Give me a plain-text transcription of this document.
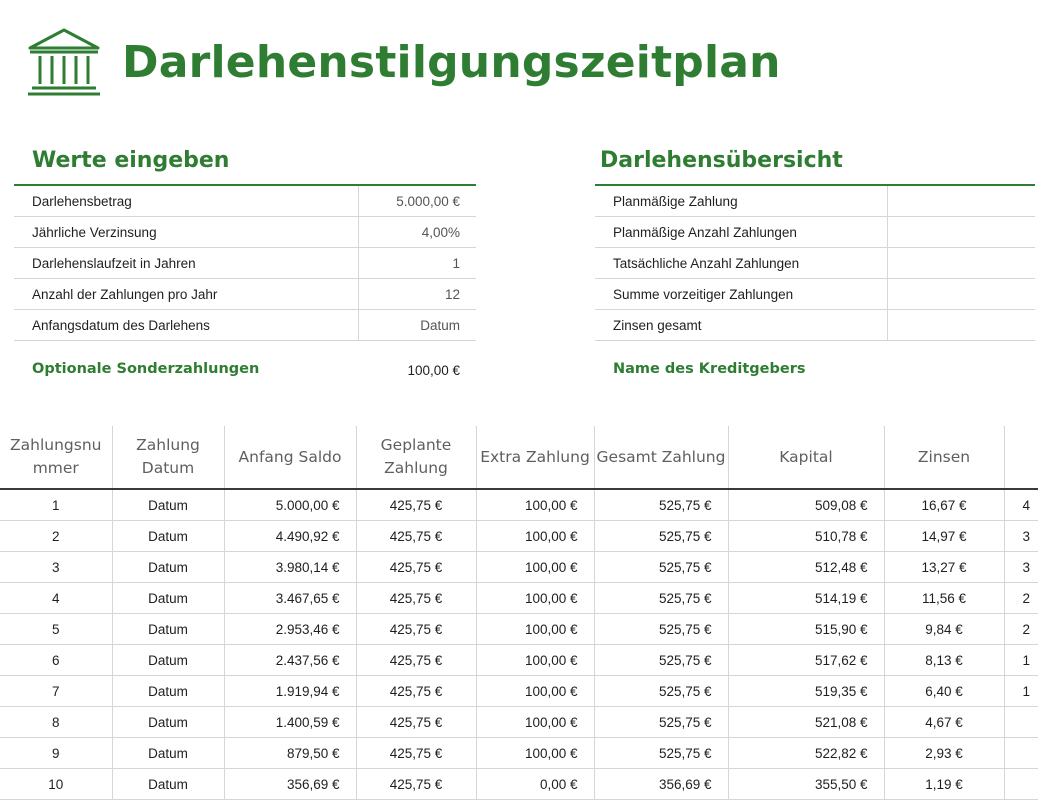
Darlehenstilgungszeitplan
Werte eingeben
Darlehensbetrag	5.000,00 €
Jährliche Verzinsung	4,00%
Darlehenslaufzeit in Jahren	1
Anzahl der Zahlungen pro Jahr	12
Anfangsdatum des Darlehens	Datum
Optionale Sonderzahlungen	100,00 €
Darlehensübersicht
Planmäßige Zahlung	
Planmäßige Anzahl Zahlungen	
Tatsächliche Anzahl Zahlungen	
Summe vorzeitiger Zahlungen	
Zinsen gesamt	
Name des Kreditgebers
Zahlungsnu mmer	Zahlung Datum	Anfang Saldo	Geplante Zahlung	Extra Zahlung	Gesamt Zahlung	Kapital	Zinsen	
1	Datum	5.000,00 €	425,75 €	100,00 €	525,75 €	509,08 €	16,67 €	4
2	Datum	4.490,92 €	425,75 €	100,00 €	525,75 €	510,78 €	14,97 €	3
3	Datum	3.980,14 €	425,75 €	100,00 €	525,75 €	512,48 €	13,27 €	3
4	Datum	3.467,65 €	425,75 €	100,00 €	525,75 €	514,19 €	11,56 €	2
5	Datum	2.953,46 €	425,75 €	100,00 €	525,75 €	515,90 €	9,84 €	2
6	Datum	2.437,56 €	425,75 €	100,00 €	525,75 €	517,62 €	8,13 €	1
7	Datum	1.919,94 €	425,75 €	100,00 €	525,75 €	519,35 €	6,40 €	1
8	Datum	1.400,59 €	425,75 €	100,00 €	525,75 €	521,08 €	4,67 €	
9	Datum	879,50 €	425,75 €	100,00 €	525,75 €	522,82 €	2,93 €	
10	Datum	356,69 €	425,75 €	0,00 €	356,69 €	355,50 €	1,19 €	
